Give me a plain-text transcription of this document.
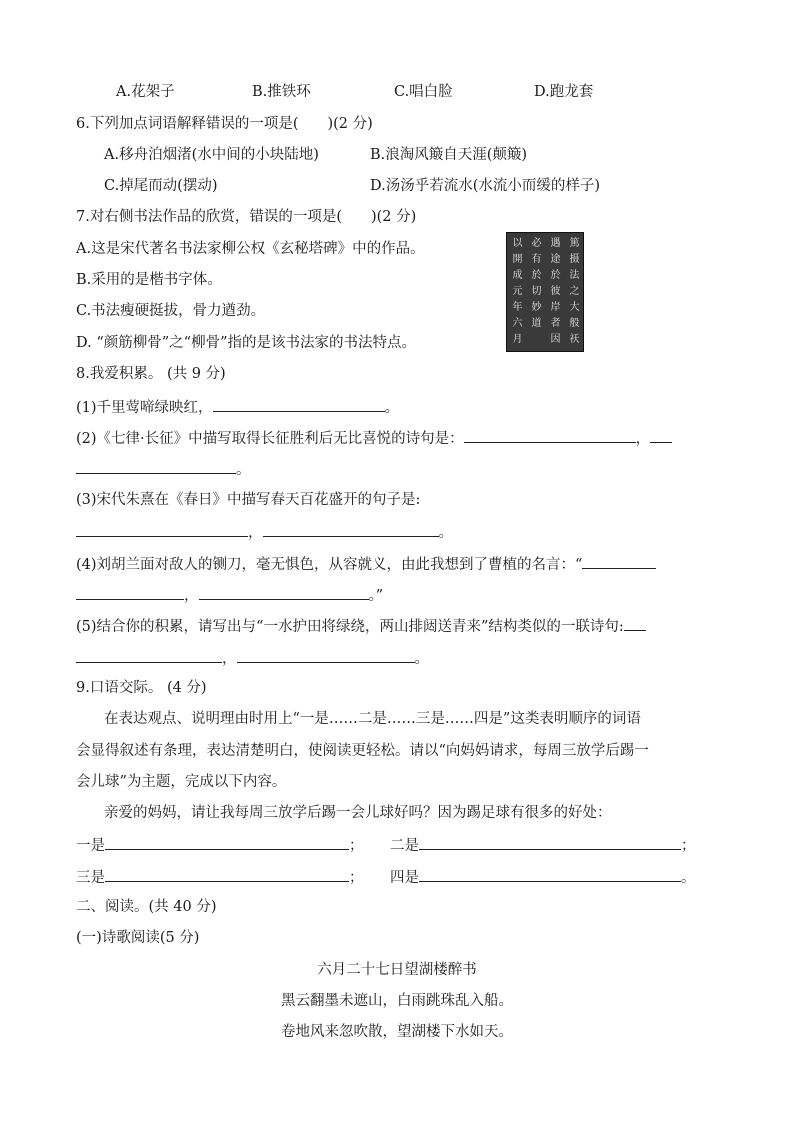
A.花架子	B.推铁环	C.唱白脸	D.跑龙套
6.下列加点词语解释错误的一项是(　　)(2 分)
A.移舟泊烟渚(水中间的小块陆地)	B.浪淘风簸自天涯(颠簸)
C.掉尾而动(摆动)	D.汤汤乎若流水(水流小而缓的样子)
7.对右侧书法作品的欣赏，错误的一项是(　　)(2 分)
A.这是宋代著名书法家柳公权《玄秘塔碑》中的作品。
B.采用的是楷书字体。
C.书法瘦硬挺拔，骨力遒劲。
D. “颜筋柳骨”之“柳骨”指的是该书法家的书法特点。
篤摄法之大般祆
遇途於彼岸者因
必有於切妙道
以開成元年六月
8.我爱积累。 (共 9 分)
(1)千里莺啼绿映红，	。
(2)《七律·长征》中描写取得长征胜利后无比喜悦的诗句是：	，
。
(3)宋代朱熹在《春日》中描写春天百花盛开的句子是:
，	。
(4)刘胡兰面对敌人的铡刀，毫无惧色，从容就义，由此我想到了曹植的名言：“
，	。”
(5)结合你的积累，请写出与“一水护田将绿绕，两山排闼送青来”结构类似的一联诗句:
，	。
9.口语交际。 (4 分)
在表达观点、说明理由时用上“一是……二是……三是……四是”这类表明顺序的词语
会显得叙述有条理，表达清楚明白，使阅读更轻松。请以“向妈妈请求，每周三放学后踢一
会儿球”为主题，完成以下内容。
亲爱的妈妈，请让我每周三放学后踢一会儿球好吗？因为踢足球有很多的好处：
一是	； 二是	；
三是	； 四是	。
二、阅读。(共 40 分)
(一)诗歌阅读(5 分)
六月二十七日望湖楼醉书
黑云翻墨未遮山，白雨跳珠乱入船。
卷地风来忽吹散，望湖楼下水如天。
